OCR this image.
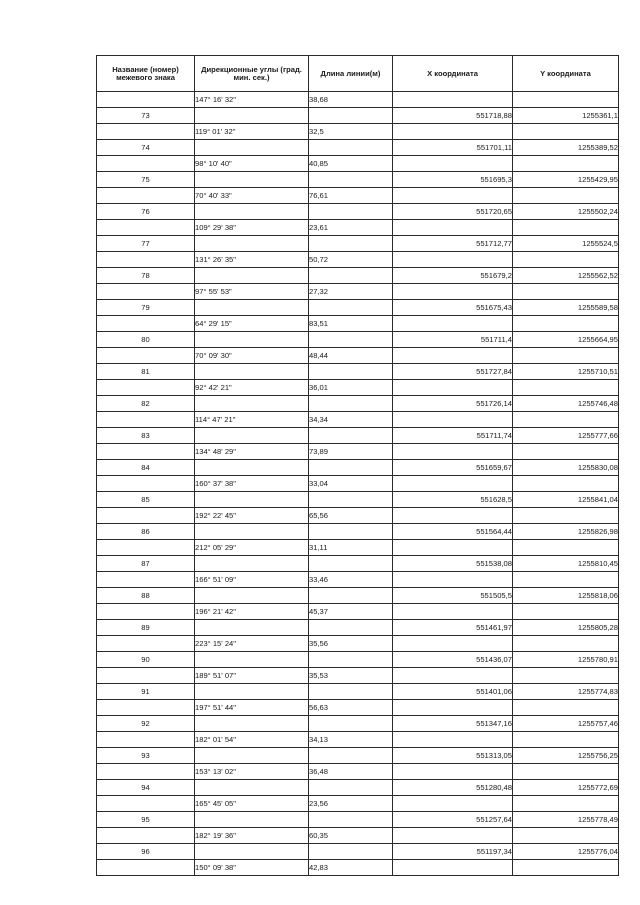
Название (номер) межевого знака	Дирекционные углы (град. мин. сек.)	Длина линии(м)	X координата	Y координата
	147° 16' 32"	38,68		
73			551718,88	1255361,1
	119° 01' 32"	32,5		
74			551701,11	1255389,52
	98° 10' 40"	40,85		
75			551695,3	1255429,95
	70° 40' 33"	76,61		
76			551720,65	1255502,24
	109° 29' 38"	23,61		
77			551712,77	1255524,5
	131° 26' 35"	50,72		
78			551679,2	1255562,52
	97° 55' 53"	27,32		
79			551675,43	1255589,58
	64° 29' 15"	83,51		
80			551711,4	1255664,95
	70° 09' 30"	48,44		
81			551727,84	1255710,51
	92° 42' 21"	36,01		
82			551726,14	1255746,48
	114° 47' 21"	34,34		
83			551711,74	1255777,66
	134° 48' 29"	73,89		
84			551659,67	1255830,08
	160° 37' 38"	33,04		
85			551628,5	1255841,04
	192° 22' 45"	65,56		
86			551564,44	1255826,98
	212° 05' 29"	31,11		
87			551538,08	1255810,45
	166° 51' 09"	33,46		
88			551505,5	1255818,06
	196° 21' 42"	45,37		
89			551461,97	1255805,28
	223° 15' 24"	35,56		
90			551436,07	1255780,91
	189° 51' 07"	35,53		
91			551401,06	1255774,83
	197° 51' 44"	56,63		
92			551347,16	1255757,46
	182° 01' 54"	34,13		
93			551313,05	1255756,25
	153° 13' 02"	36,48		
94			551280,48	1255772,69
	165° 45' 05"	23,56		
95			551257,64	1255778,49
	182° 19' 36"	60,35		
96			551197,34	1255776,04
	150° 09' 38"	42,83		
